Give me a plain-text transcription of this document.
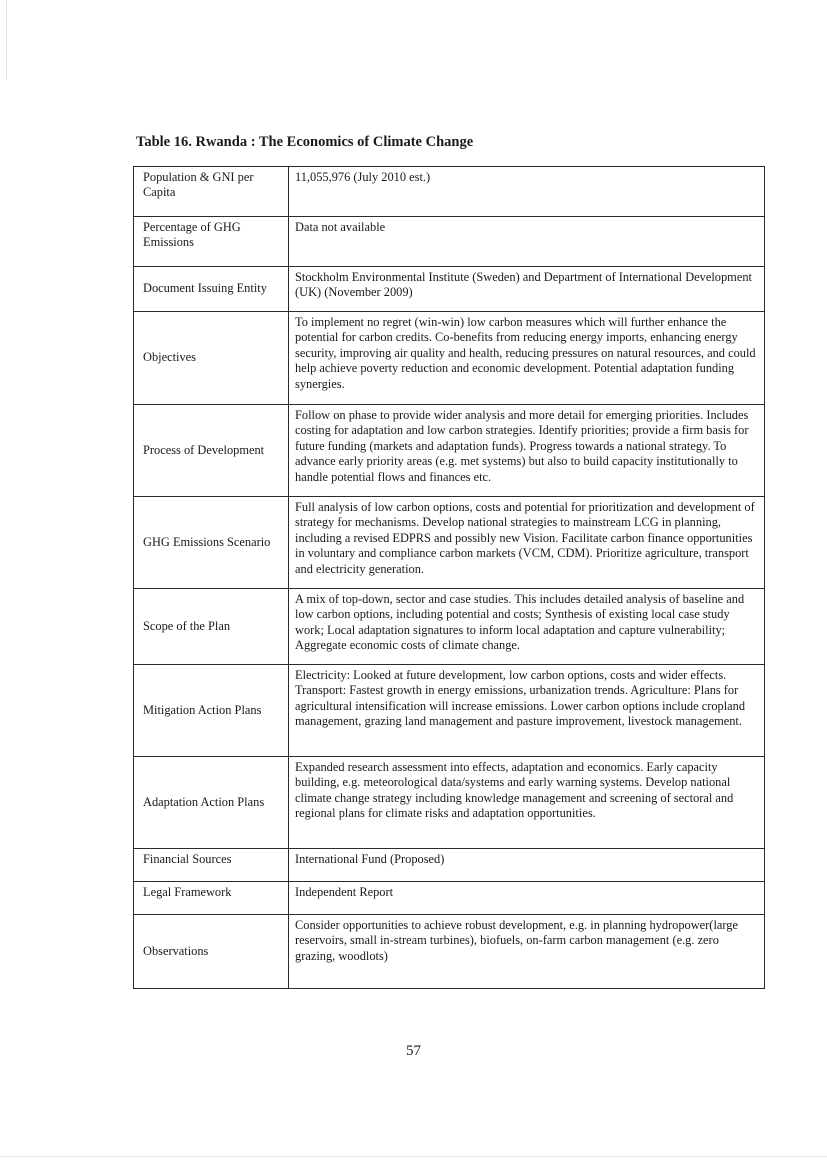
Table 16. Rwanda : The Economics of Climate Change
Population & GNI per Capita	11,055,976 (July 2010 est.)
Percentage of GHG Emissions	Data not available
Document Issuing Entity	Stockholm Environmental Institute (Sweden) and Department of International Development (UK) (November 2009)
Objectives	To implement no regret (win-win) low carbon measures which will further enhance the potential for carbon credits. Co-benefits from reducing energy imports, enhancing energy security, improving air quality and health, reducing pressures on natural resources, and could help achieve poverty reduction and economic development. Potential adaptation funding synergies.
Process of Development	Follow on phase to provide wider analysis and more detail for emerging priorities. Includes costing for adaptation and low carbon strategies. Identify priorities; provide a firm basis for future funding (markets and adaptation funds). Progress towards a national strategy. To advance early priority areas (e.g. met systems) but also to build capacity institutionally to handle potential flows and finances etc.
GHG Emissions Scenario	Full analysis of low carbon options, costs and potential for prioritization and development of strategy for mechanisms. Develop national strategies to mainstream LCG in planning, including a revised EDPRS and possibly new Vision. Facilitate carbon finance opportunities in voluntary and compliance carbon markets (VCM, CDM). Prioritize agriculture, transport and electricity generation.
Scope of the Plan	A mix of top-down, sector and case studies. This includes detailed analysis of baseline and low carbon options, including potential and costs; Synthesis of existing local case study work; Local adaptation signatures to inform local adaptation and capture vulnerability; Aggregate economic costs of climate change.
Mitigation Action Plans	Electricity: Looked at future development, low carbon options, costs and wider effects. Transport: Fastest growth in energy emissions, urbanization trends. Agriculture: Plans for agricultural intensification will increase emissions. Lower carbon options include cropland management, grazing land management and pasture improvement, livestock management.
Adaptation Action Plans	Expanded research assessment into effects, adaptation and economics. Early capacity building, e.g. meteorological data/systems and early warning systems. Develop national climate change strategy including knowledge management and screening of sectoral and regional plans for climate risks and adaptation opportunities.
Financial Sources	International Fund (Proposed)
Legal Framework	Independent Report
Observations	Consider opportunities to achieve robust development, e.g. in planning hydropower(large reservoirs, small in-stream turbines), biofuels, on-farm carbon management (e.g. zero grazing, woodlots)
57
